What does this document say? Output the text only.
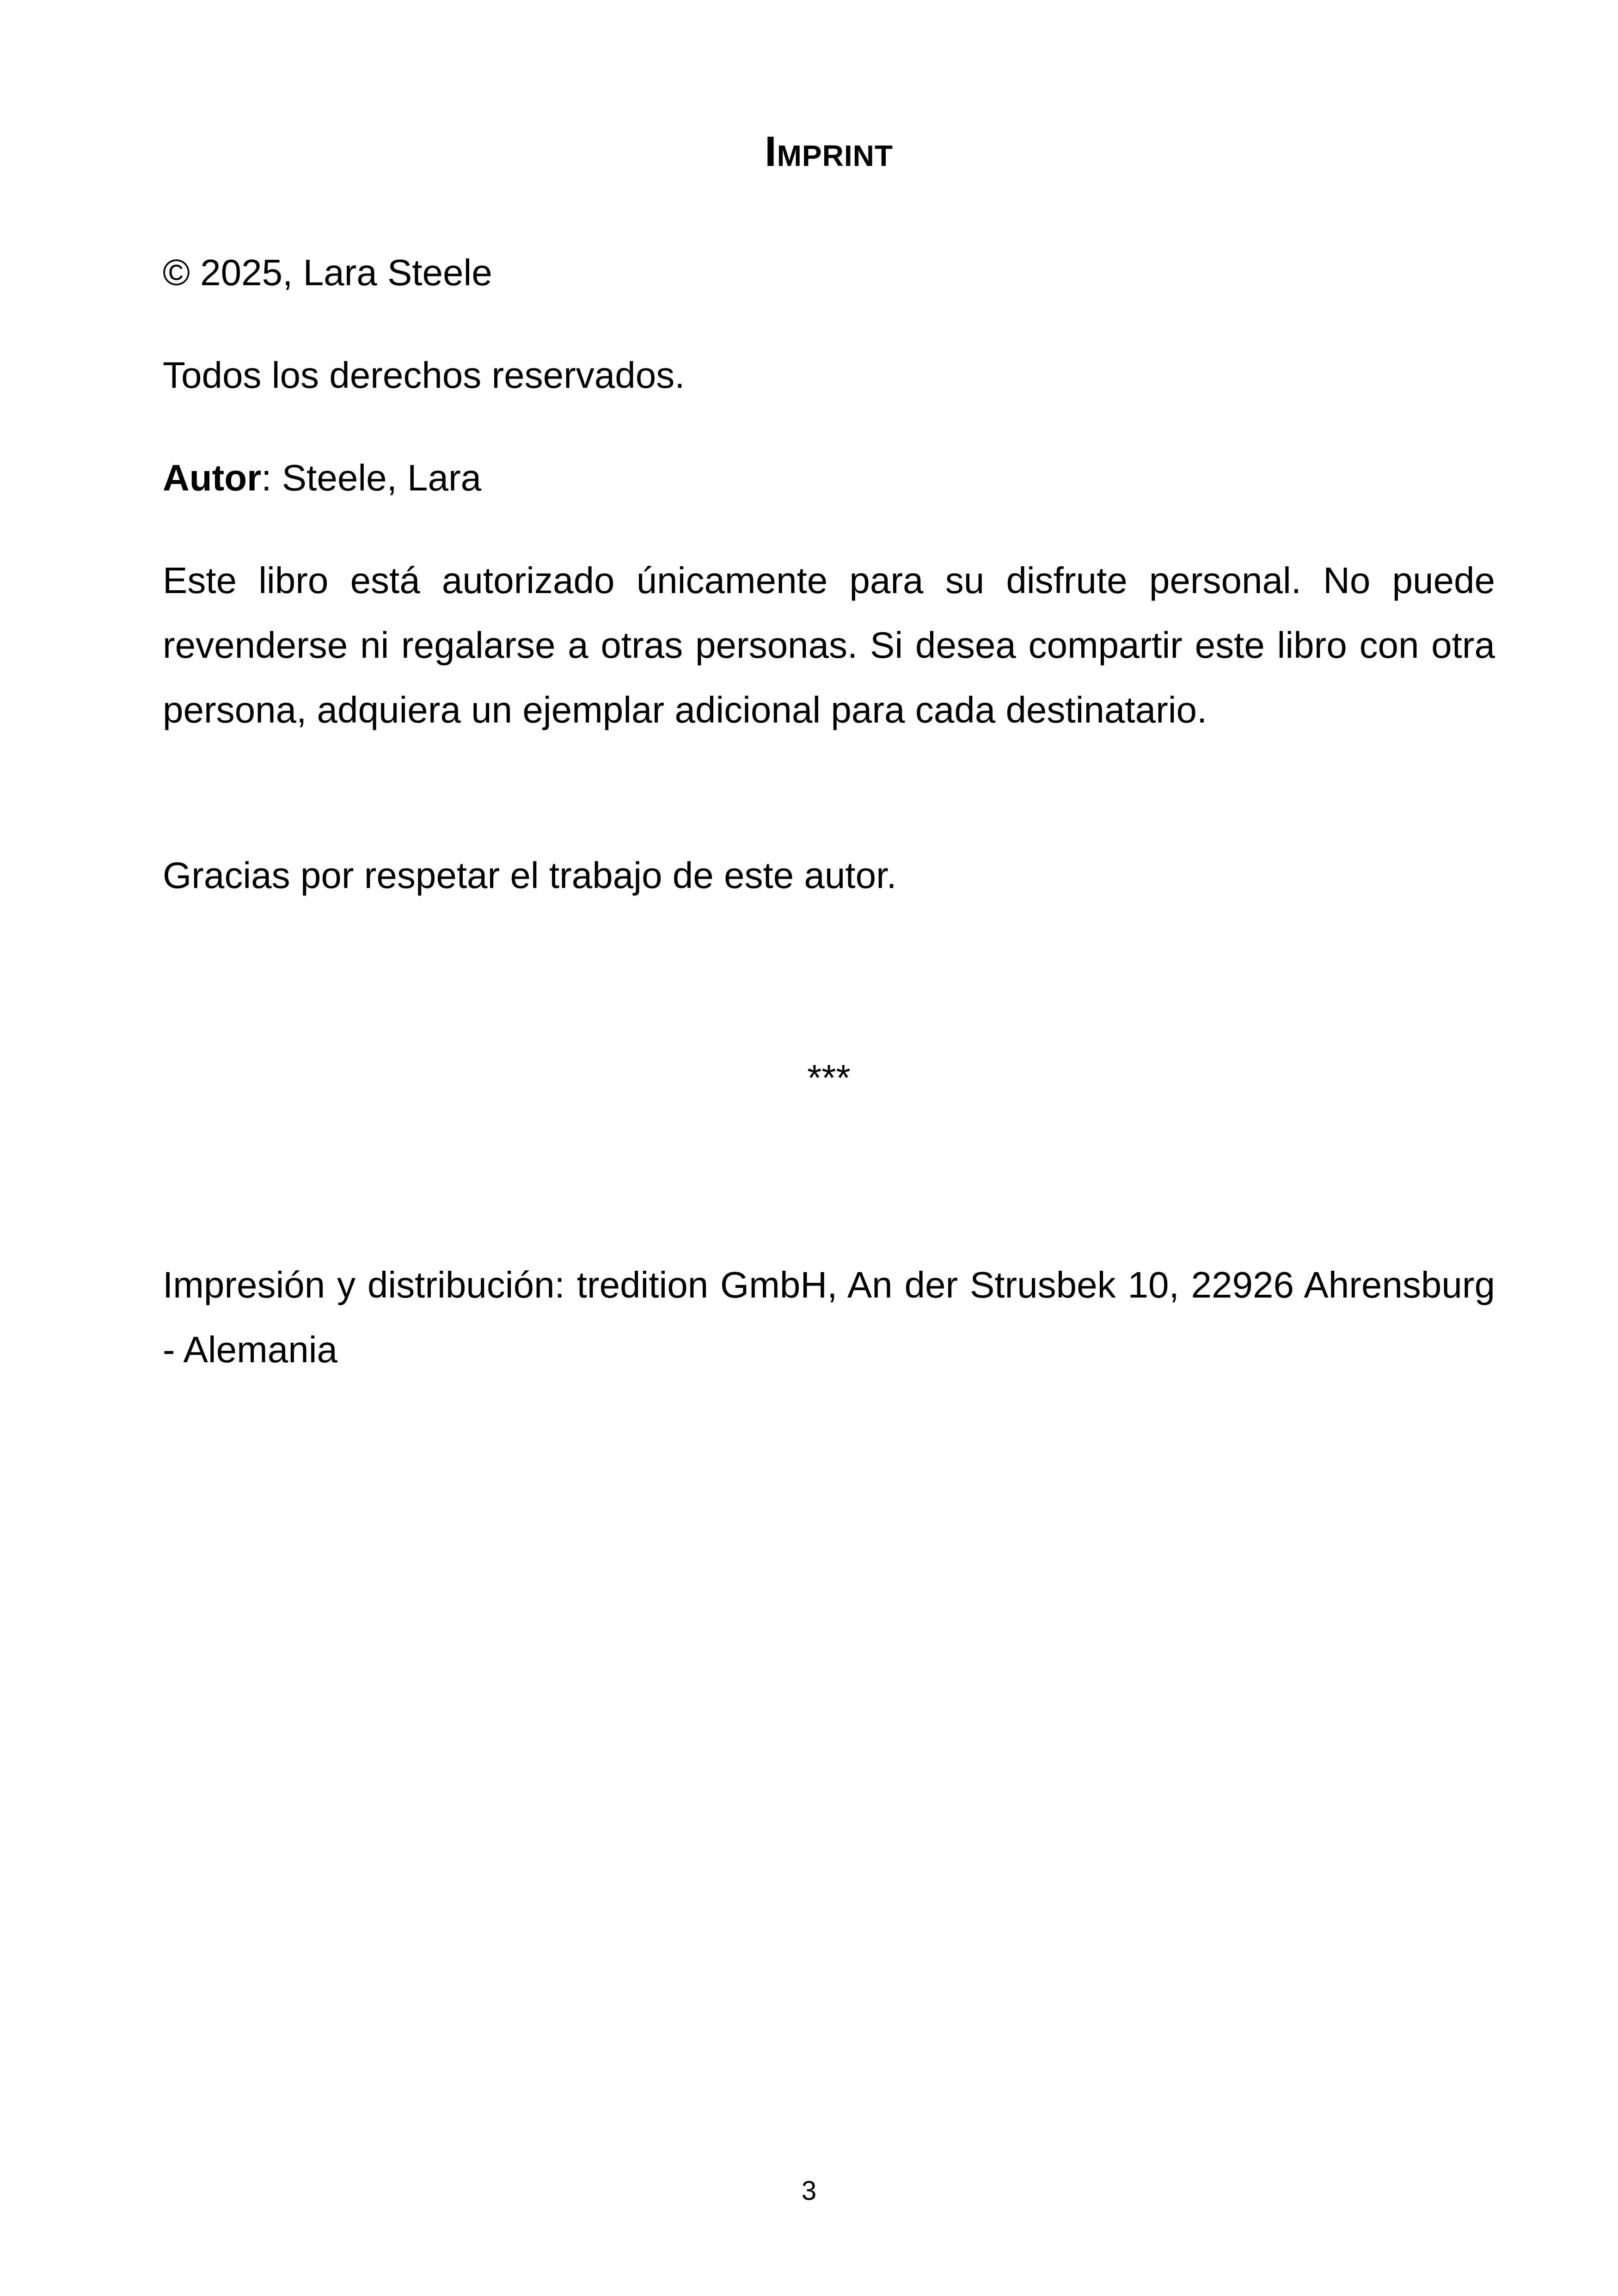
Imprint

© 2025, Lara Steele

Todos los derechos reservados.

Autor: Steele, Lara

Este libro está autorizado únicamente para su disfrute personal. No puede revenderse ni regalarse a otras personas. Si desea compartir este libro con otra persona, adquiera un ejemplar adicional para cada destinatario.

Gracias por respetar el trabajo de este autor.

***

Impresión y distribución: tredition GmbH, An der Strusbek 10, 22926 Ahrensburg - Alemania

3
